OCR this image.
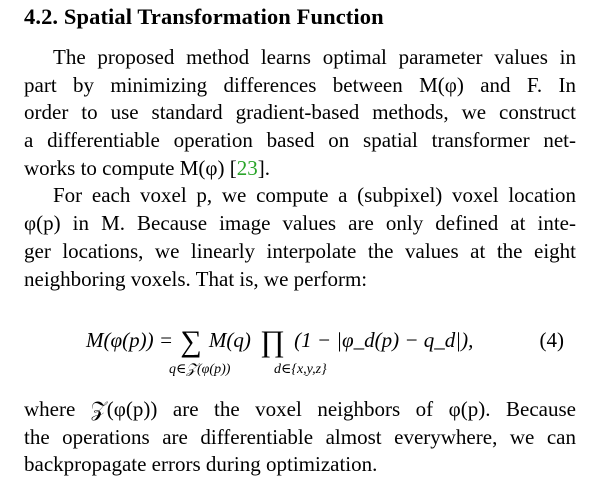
4.2. Spatial Transformation Function
The proposed method learns optimal parameter values in
part by minimizing differences between M(φ) and F. In
order to use standard gradient-based methods, we construct
a differentiable operation based on spatial transformer net-
works to compute M(φ) [23].
For each voxel p, we compute a (subpixel) voxel location
φ(p) in M. Because image values are only defined at inte-
ger locations, we linearly interpolate the values at the eight
neighboring voxels. That is, we perform:
M(φ(p)) = ∑ M(q) ∏ (1 − |φ_d(p) − q_d|),
q∈𝒵(φ(p))	d∈{x,y,z}
(4)
where 𝒵(φ(p)) are the voxel neighbors of φ(p). Because
the operations are differentiable almost everywhere, we can
backpropagate errors during optimization.
